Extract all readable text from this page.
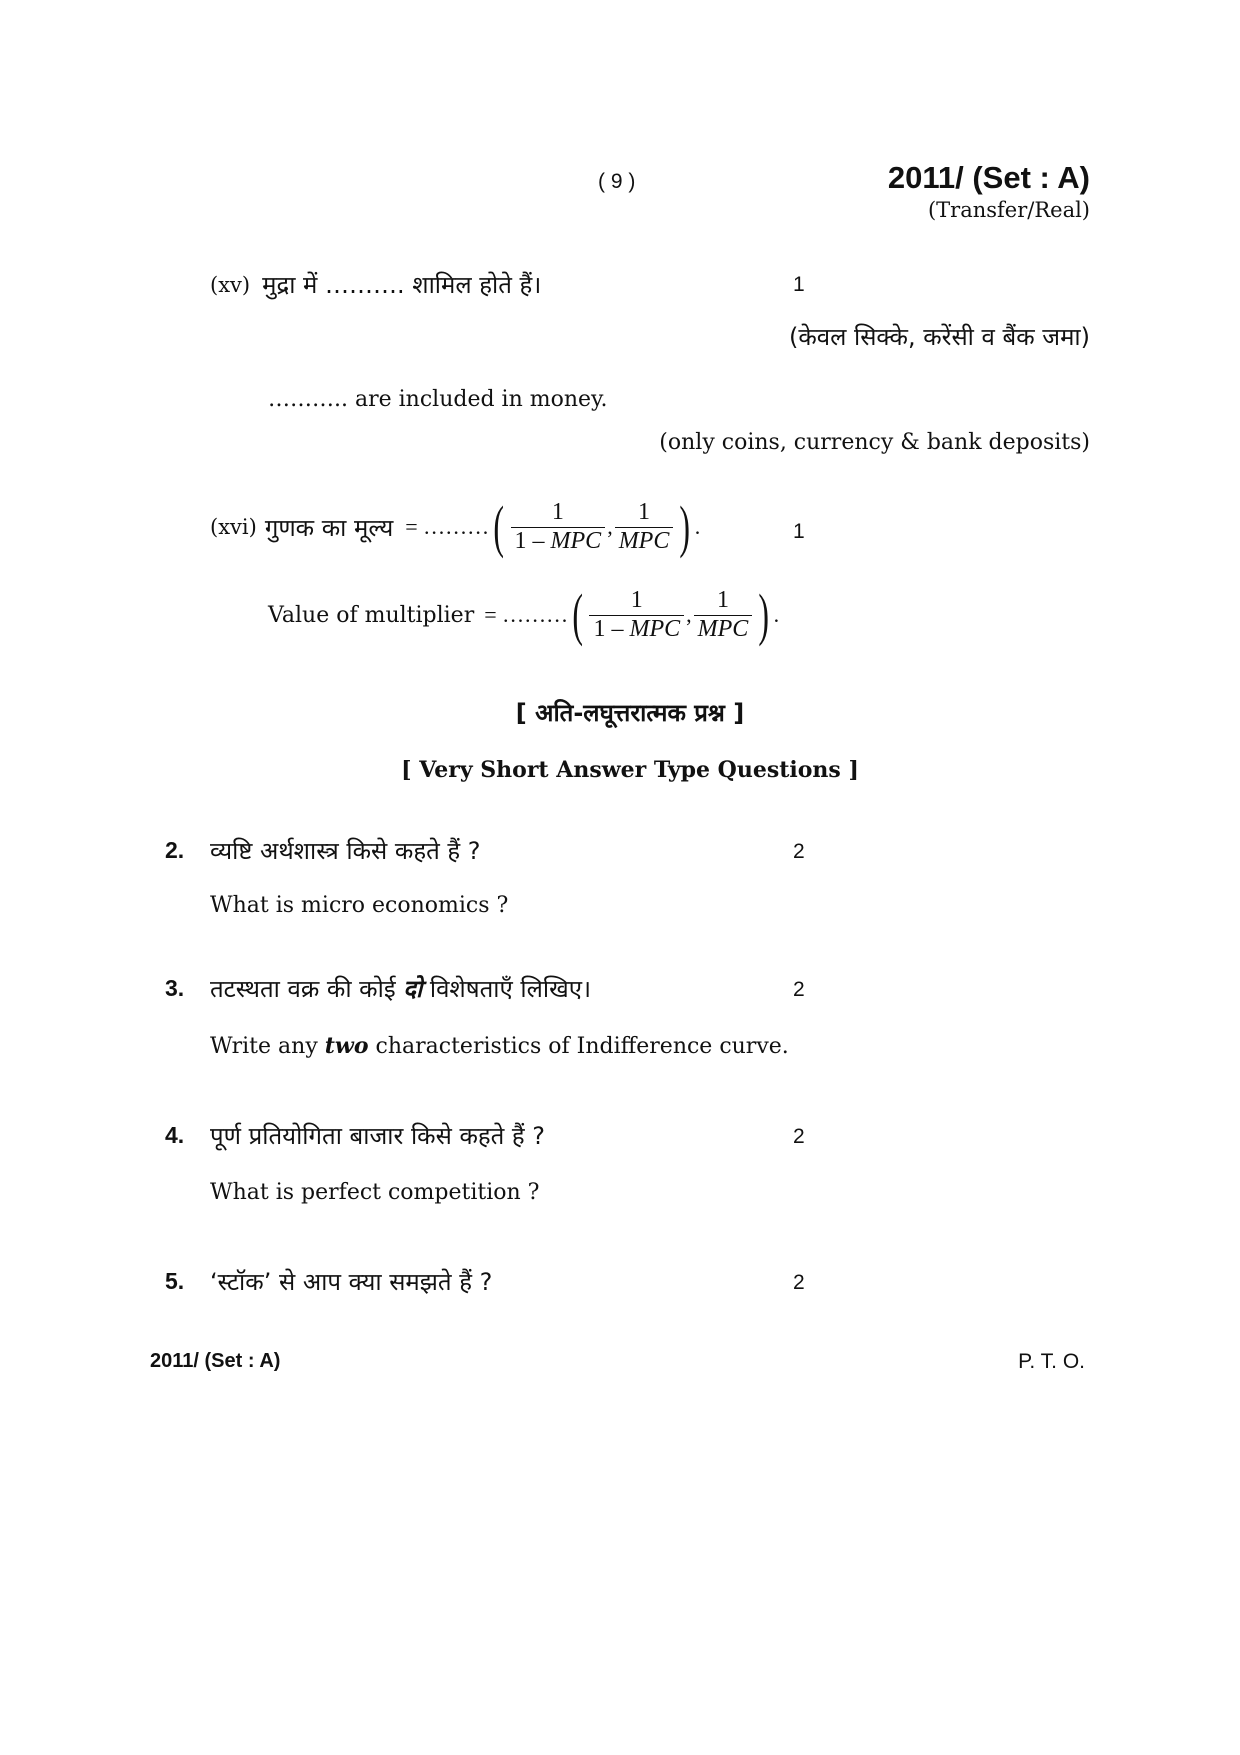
( 9 )	2011/ (Set : A)
(Transfer/Real)
(xv) मुद्रा में ………. शामिल होते हैं।	1
(केवल सिक्के, करेंसी व बैंक जमा)
……….. are included in money.
(only coins, currency & bank deposits)
(xvi) गुणक का मूल्य = ……… ( $\frac{1}{\text{1 – MPC}}$ , $\frac{1}{\text{MPC}}$ ) .	1
Value of multiplier = ……… ( $\frac{1}{\text{1 – MPC}}$ , $\frac{1}{\text{MPC}}$ ) .
[ अति-लघूत्तरात्मक प्रश्न ]
[ Very Short Answer Type Questions ]
2.	व्यष्टि अर्थशास्त्र किसे कहते हैं ?	2
What is micro economics ?
3.	तटस्थता वक्र की कोई दो विशेषताएँ लिखिए।	2
Write any two characteristics of Indifference curve.
4.	पूर्ण प्रतियोगिता बाजार किसे कहते हैं ?	2
What is perfect competition ?
5.	‘स्टॉक’ से आप क्या समझते हैं ?	2
2011/ (Set : A)	P. T. O.
